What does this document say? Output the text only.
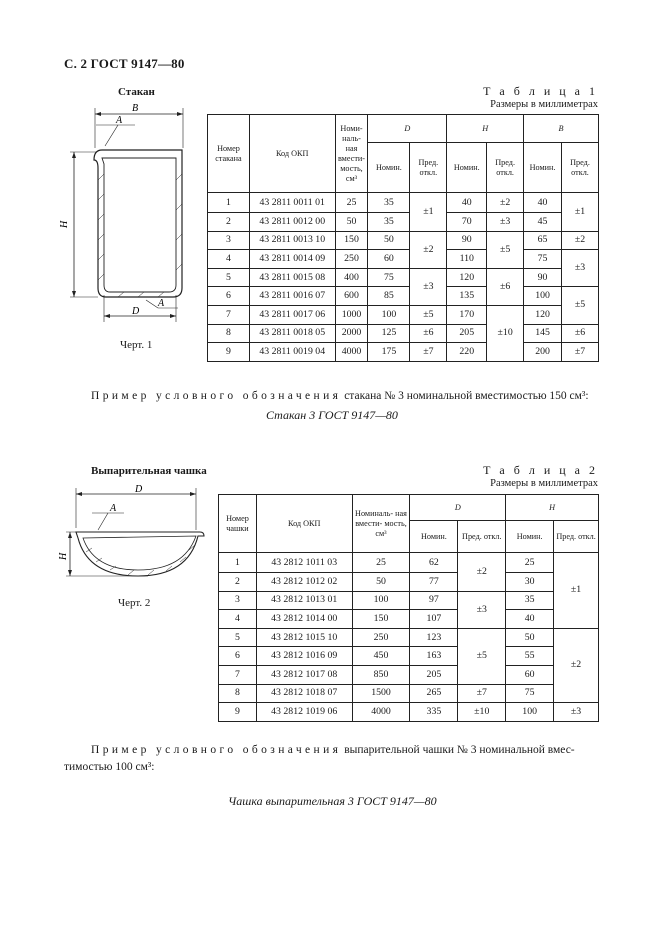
С. 2 ГОСТ 9147—80
Стакан
B
A
H
D
A
Черт. 1
Т а б л и ц а 1
Размеры в миллиметрах
Номер стакана	Код ОКП	Номи- наль- ная вмести- мость, см³	D		H		B	
			Номин.	Пред. откл.	Номин.	Пред. откл.	Номин.	Пред. откл.
1	43 2811 0011 01	25	35	±1	40	±2	40	±1
2	43 2811 0012 00	50	35		70	±3	45	
3	43 2811 0013 10	150	50	±2	90	±5	65	±2
4	43 2811 0014 09	250	60		110		75	±3
5	43 2811 0015 08	400	75	±3	120	±6	90	
6	43 2811 0016 07	600	85		135		100	±5
7	43 2811 0017 06	1000	100	±5	170	±10	120	
8	43 2811 0018 05	2000	125	±6	205		145	±6
9	43 2811 0019 04	4000	175	±7	220		200	±7
Пример условного обозначения стакана № 3 номинальной вместимостью 150 см³:
Стакан 3 ГОСТ 9147—80
Выпарительная чашка
D
A
H
Черт. 2
Т а б л и ц а 2
Размеры в миллиметрах
Номер чашки	Код ОКП	Номиналь- ная вмести- мость, см³	D		H	
			Номин.	Пред. откл.	Номин.	Пред. откл.
1	43 2812 1011 03	25	62	±2	25	±1
2	43 2812 1012 02	50	77		30	
3	43 2812 1013 01	100	97	±3	35	
4	43 2812 1014 00	150	107		40	
5	43 2812 1015 10	250	123	±5	50	±2
6	43 2812 1016 09	450	163		55	
7	43 2812 1017 08	850	205		60	
8	43 2812 1018 07	1500	265	±7	75	
9	43 2812 1019 06	4000	335	±10	100	±3
Пример условного обозначения выпарительной чашки № 3 номинальной вмес-
тимостью 100 см³:
Чашка выпарительная 3 ГОСТ 9147—80
